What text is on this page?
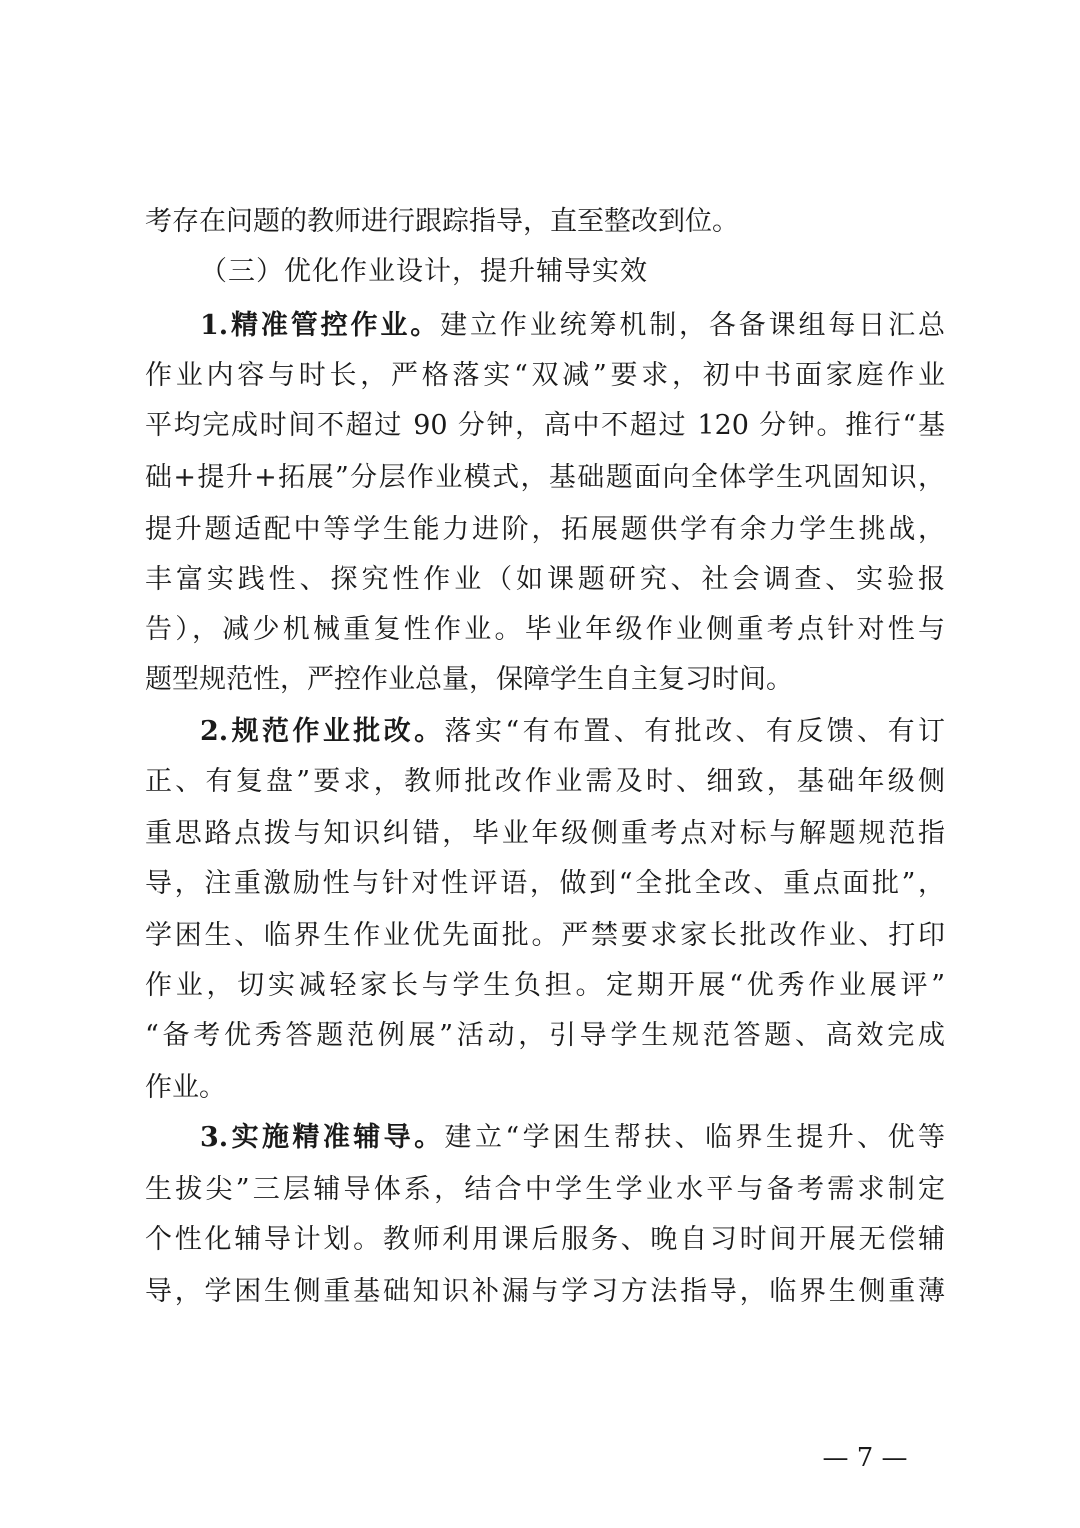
考存在问题的教师进行跟踪指导，直至整改到位。
（三）优化作业设计，提升辅导实效
1.精准管控作业。建立作业统筹机制，各备课组每日汇总
作业内容与时长，严格落实“双减”要求，初中书面家庭作业
平均完成时间不超过 90 分钟，高中不超过 120 分钟。推行“基
础+提升+拓展”分层作业模式，基础题面向全体学生巩固知识，
提升题适配中等学生能力进阶，拓展题供学有余力学生挑战，
丰富实践性、探究性作业（如课题研究、社会调查、实验报
告），减少机械重复性作业。毕业年级作业侧重考点针对性与
题型规范性，严控作业总量，保障学生自主复习时间。
2.规范作业批改。落实“有布置、有批改、有反馈、有订
正、有复盘”要求，教师批改作业需及时、细致，基础年级侧
重思路点拨与知识纠错，毕业年级侧重考点对标与解题规范指
导，注重激励性与针对性评语，做到“全批全改、重点面批”，
学困生、临界生作业优先面批。严禁要求家长批改作业、打印
作业，切实减轻家长与学生负担。定期开展“优秀作业展评”
“备考优秀答题范例展”活动，引导学生规范答题、高效完成
作业。
3.实施精准辅导。建立“学困生帮扶、临界生提升、优等
生拔尖”三层辅导体系，结合中学生学业水平与备考需求制定
个性化辅导计划。教师利用课后服务、晚自习时间开展无偿辅
导，学困生侧重基础知识补漏与学习方法指导，临界生侧重薄
— 7 —
